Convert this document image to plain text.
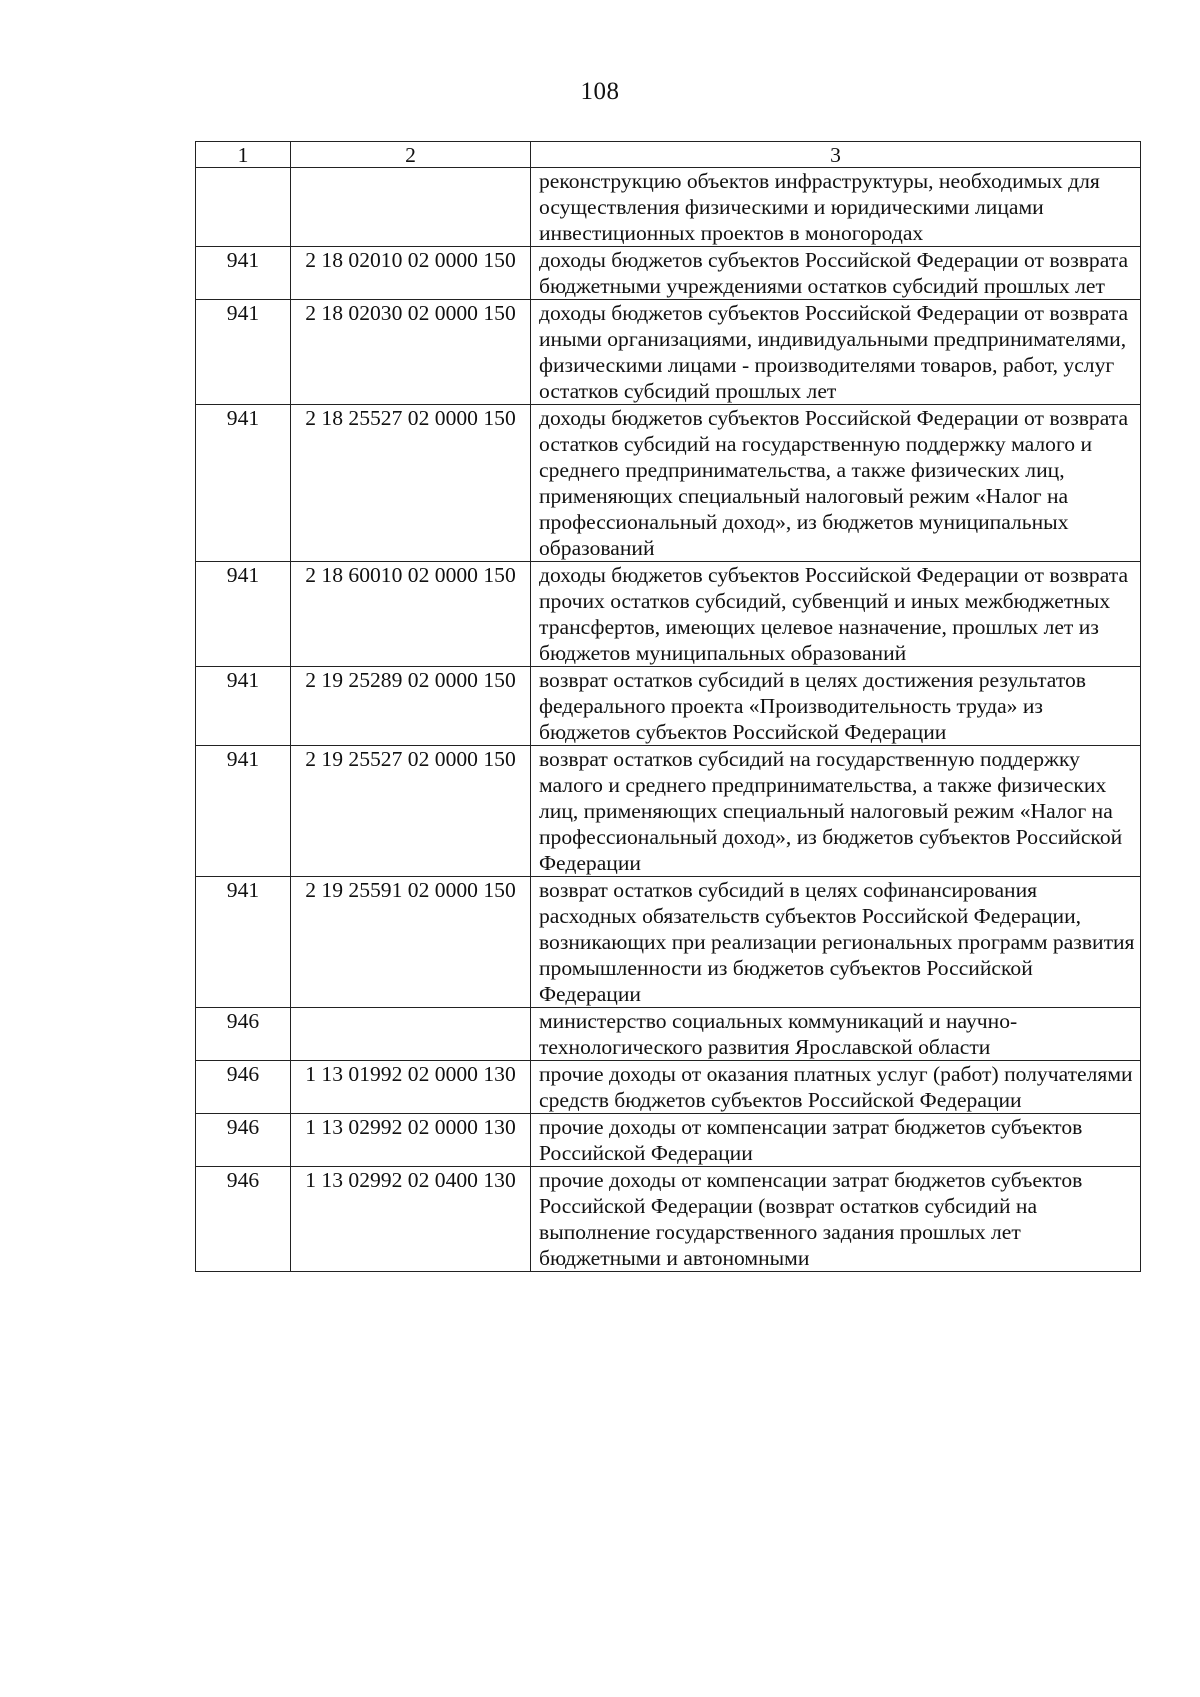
108
1	2	3
		реконструкцию объектов инфраструктуры, необходимых для осуществления физическими и юридическими лицами инвестиционных проектов в моногородах
941	2 18 02010 02 0000 150	доходы бюджетов субъектов Российской Федерации от возврата бюджетными учреждениями остатков субсидий прошлых лет
941	2 18 02030 02 0000 150	доходы бюджетов субъектов Российской Федерации от возврата иными организациями, индивидуальными предпринимателями, физическими лицами - производителями товаров, работ, услуг остатков субсидий прошлых лет
941	2 18 25527 02 0000 150	доходы бюджетов субъектов Российской Федерации от возврата остатков субсидий на государственную поддержку малого и среднего предпринимательства, а также физических лиц, применяющих специальный налоговый режим «Налог на профессиональный доход», из бюджетов муниципальных образований
941	2 18 60010 02 0000 150	доходы бюджетов субъектов Российской Федерации от возврата прочих остатков субсидий, субвенций и иных межбюджетных трансфертов, имеющих целевое назначение, прошлых лет из бюджетов муниципальных образований
941	2 19 25289 02 0000 150	возврат остатков субсидий в целях достижения результатов федерального проекта «Производительность труда» из бюджетов субъектов Российской Федерации
941	2 19 25527 02 0000 150	возврат остатков субсидий на государственную поддержку малого и среднего предпринимательства, а также физических лиц, применяющих специальный налоговый режим «Налог на профессиональный доход», из бюджетов субъектов Российской Федерации
941	2 19 25591 02 0000 150	возврат остатков субсидий в целях софинансирования расходных обязательств субъектов Российской Федерации, возникающих при реализации региональных программ развития промышленности из бюджетов субъектов Российской Федерации
946		министерство социальных коммуникаций и научно-технологического развития Ярославской области
946	1 13 01992 02 0000 130	прочие доходы от оказания платных услуг (работ) получателями средств бюджетов субъектов Российской Федерации
946	1 13 02992 02 0000 130	прочие доходы от компенсации затрат бюджетов субъектов Российской Федерации
946	1 13 02992 02 0400 130	прочие доходы от компенсации затрат бюджетов субъектов Российской Федерации (возврат остатков субсидий на выполнение государственного задания прошлых лет бюджетными и автономными
